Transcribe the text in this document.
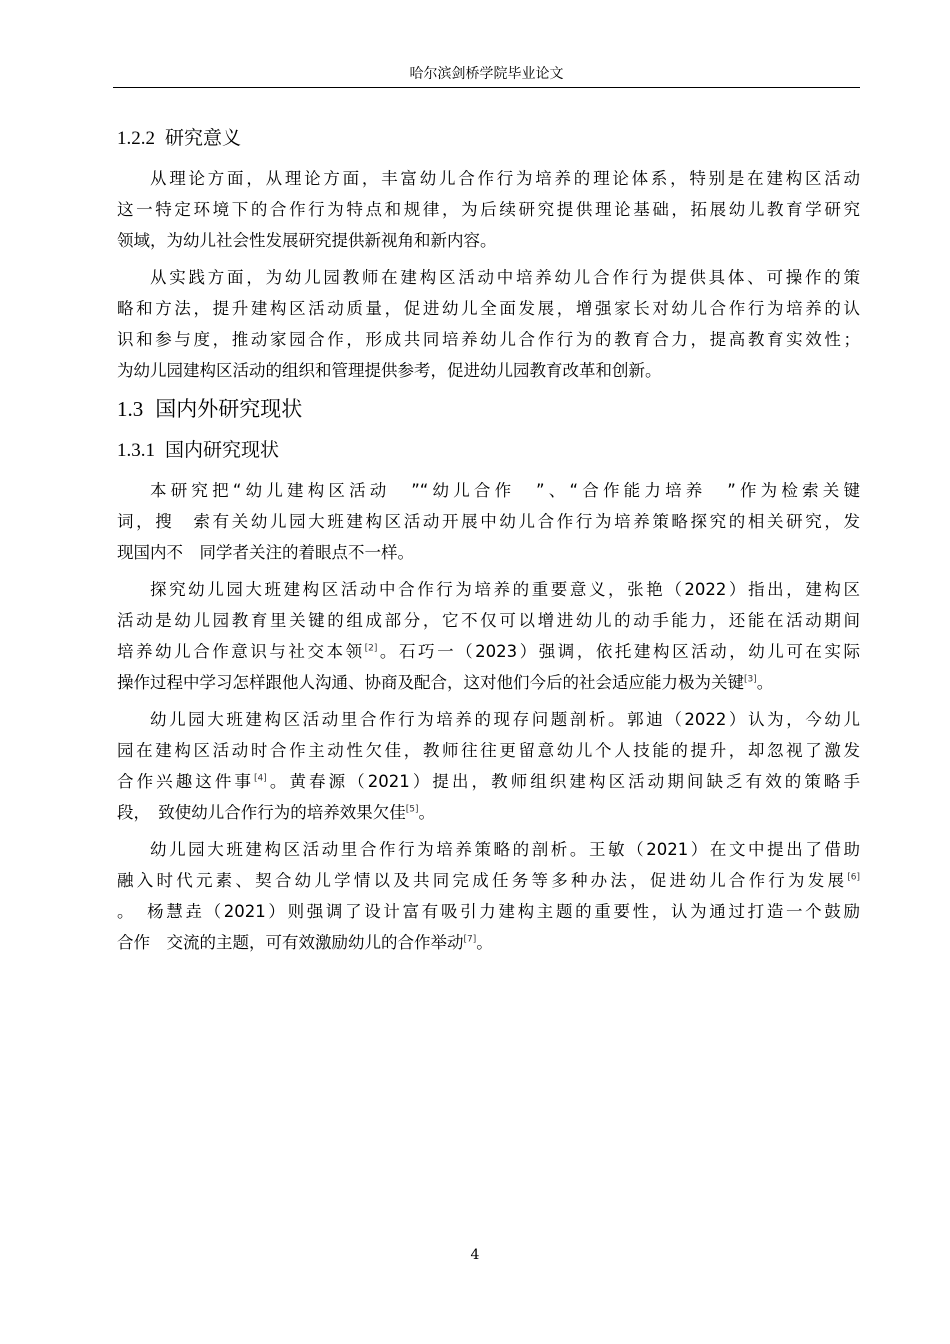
哈尔滨剑桥学院毕业论文
1.2.2 研究意义
从理论方面，从理论方面，丰富幼儿合作行为培养的理论体系，特别是在建构区活动
这一特定环境下的合作行为特点和规律，为后续研究提供理论基础，拓展幼儿教育学研究
领域，为幼儿社会性发展研究提供新视角和新内容。
从实践方面，为幼儿园教师在建构区活动中培养幼儿合作行为提供具体、可操作的策
略和方法，提升建构区活动质量，促进幼儿全面发展，增强家长对幼儿合作行为培养的认
识和参与度，推动家园合作，形成共同培养幼儿合作行为的教育合力，提高教育实效性；
为幼儿园建构区活动的组织和管理提供参考，促进幼儿园教育改革和创新。
1.3 国内外研究现状
1.3.1 国内研究现状
本研究把“幼儿建构区活动　”“幼儿合作　”、“合作能力培养　”作为检索关键
词，搜　索有关幼儿园大班建构区活动开展中幼儿合作行为培养策略探究的相关研究，发
现国内不　同学者关注的着眼点不一样。
探究幼儿园大班建构区活动中合作行为培养的重要意义，张艳（2022）指出，建构区
活动是幼儿园教育里关键的组成部分，它不仅可以增进幼儿的动手能力，还能在活动期间
培养幼儿合作意识与社交本领[2]。石巧一（2023）强调，依托建构区活动，幼儿可在实际
操作过程中学习怎样跟他人沟通、协商及配合，这对他们今后的社会适应能力极为关键[3]。
幼儿园大班建构区活动里合作行为培养的现存问题剖析。郭迪（2022）认为，今幼儿
园在建构区活动时合作主动性欠佳，教师往往更留意幼儿个人技能的提升，却忽视了激发
合作兴趣这件事[4]。黄春源（2021）提出，教师组织建构区活动期间缺乏有效的策略手
段，　致使幼儿合作行为的培养效果欠佳[5]。
幼儿园大班建构区活动里合作行为培养策略的剖析。王敏（2021）在文中提出了借助
融入时代元素、契合幼儿学情以及共同完成任务等多种办法，促进幼儿合作行为发展[6]
。　杨慧垚（2021）则强调了设计富有吸引力建构主题的重要性，认为通过打造一个鼓励
合作　交流的主题，可有效激励幼儿的合作举动[7]。
4
